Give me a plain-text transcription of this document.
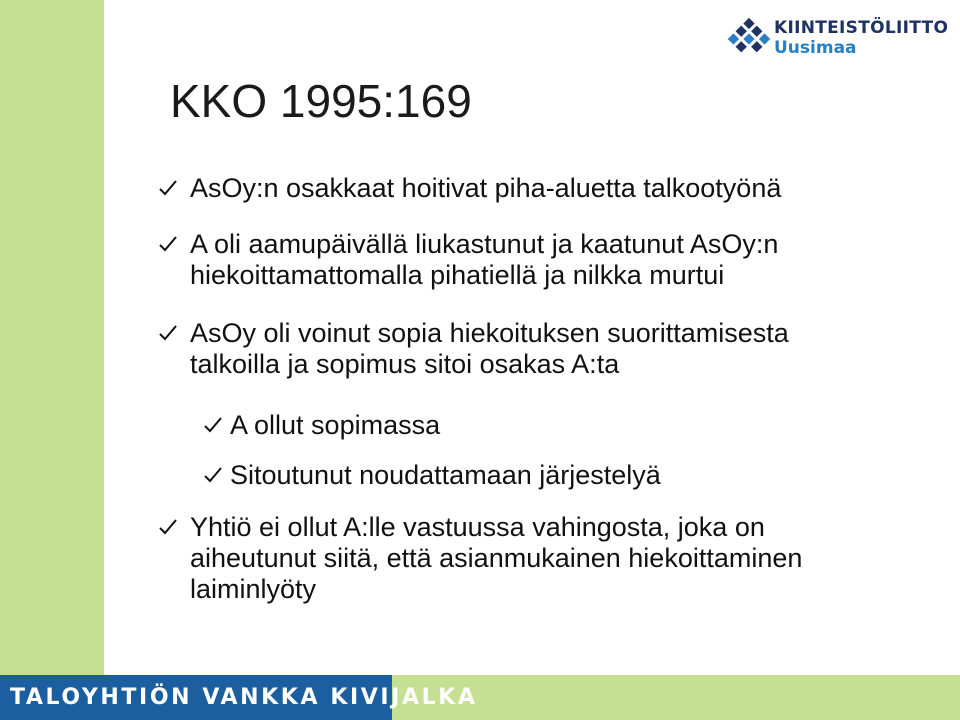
TALOYHTIÖN VANKKA KIVIJALKA
KIINTEISTÖLIITTO
Uusimaa
KKO 1995:169
AsOy:n osakkaat hoitivat piha-aluetta talkootyönä
A oli aamupäivällä liukastunut ja kaatunut AsOy:n
hiekoittamattomalla pihatiellä ja nilkka murtui
AsOy oli voinut sopia hiekoituksen suorittamisesta
talkoilla ja sopimus sitoi osakas A:ta
A ollut sopimassa
Sitoutunut noudattamaan järjestelyä
Yhtiö ei ollut A:lle vastuussa vahingosta, joka on
aiheutunut siitä, että asianmukainen hiekoittaminen
laiminlyöty
